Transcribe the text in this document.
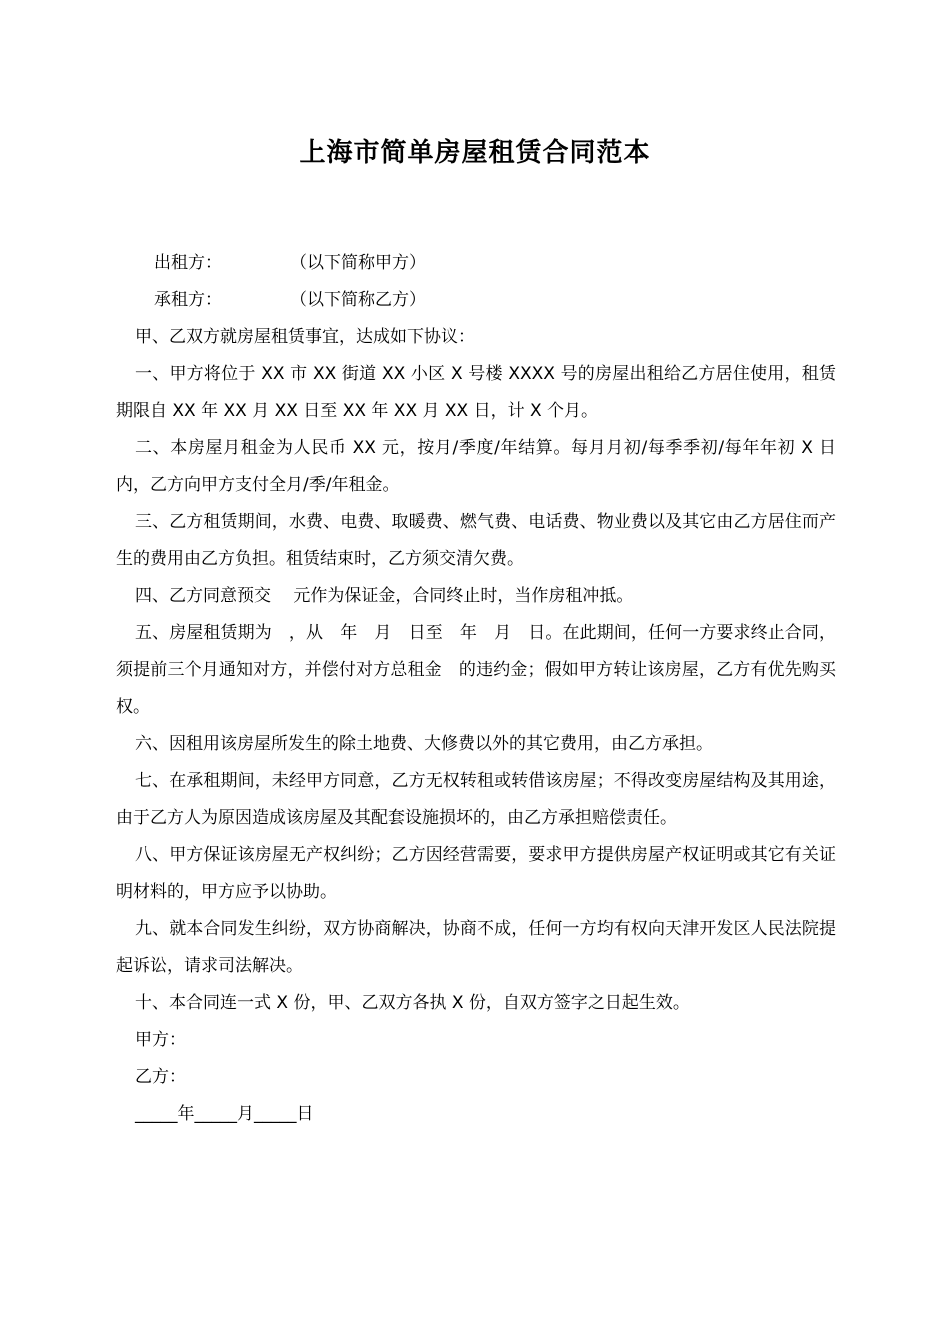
上海市简单房屋租赁合同范本

出租方：	（以下简称甲方）

承租方：	（以下简称乙方）

甲、乙双方就房屋租赁事宜，达成如下协议：

一、甲方将位于 XX 市 XX 街道 XX 小区 X 号楼 XXXX 号的房屋出租给乙方居住使用，租赁期限自 XX 年 XX 月 XX 日至 XX 年 XX 月 XX 日，计 X 个月。

二、本房屋月租金为人民币 XX 元，按月/季度/年结算。每月月初/每季季初/每年年初 X 日内，乙方向甲方支付全月/季/年租金。

三、乙方租赁期间，水费、电费、取暖费、燃气费、电话费、物业费以及其它由乙方居住而产生的费用由乙方负担。租赁结束时，乙方须交清欠费。

四、乙方同意预交　 元作为保证金，合同终止时，当作房租冲抵。

五、房屋租赁期为　，从　年　月　日至　年　月　日。在此期间，任何一方要求终止合同，须提前三个月通知对方，并偿付对方总租金　的违约金；假如甲方转让该房屋，乙方有优先购买权。

六、因租用该房屋所发生的除土地费、大修费以外的其它费用，由乙方承担。

七、在承租期间，未经甲方同意，乙方无权转租或转借该房屋；不得改变房屋结构及其用途，由于乙方人为原因造成该房屋及其配套设施损坏的，由乙方承担赔偿责任。

八、甲方保证该房屋无产权纠纷；乙方因经营需要，要求甲方提供房屋产权证明或其它有关证明材料的，甲方应予以协助。

九、就本合同发生纠纷，双方协商解决，协商不成，任何一方均有权向天津开发区人民法院提起诉讼，请求司法解决。

十、本合同连一式 X 份，甲、乙双方各执 X 份，自双方签字之日起生效。

甲方：

乙方：

_____年_____月_____日
